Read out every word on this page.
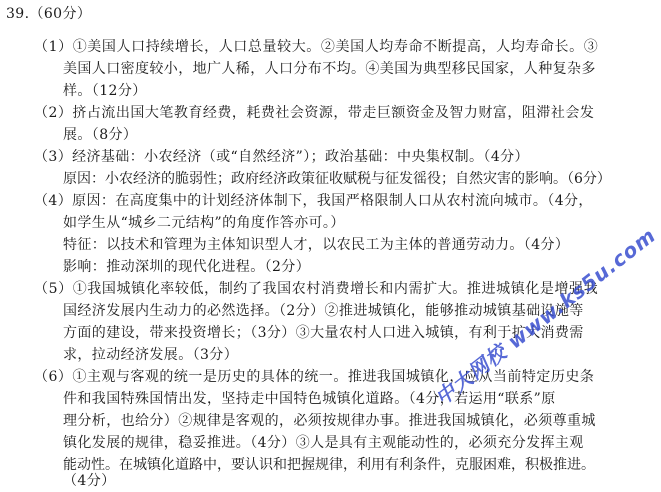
39.（60分）
（1）①美国人口持续增长，人口总量较大。②美国人均寿命不断提高，人均寿命长。③
美国人口密度较小，地广人稀，人口分布不均。④美国为典型移民国家，人种复杂多
样。（12分）
（2）挤占流出国大笔教育经费，耗费社会资源，带走巨额资金及智力财富，阻滞社会发
展。（8分）
（3）经济基础：小农经济（或“自然经济”）；政治基础：中央集权制。（4分）
原因：小农经济的脆弱性；政府经济政策征收赋税与征发徭役；自然灾害的影响。（6分）
（4）原因：在高度集中的计划经济体制下，我国严格限制人口从农村流向城市。（4分，
如学生从“城乡二元结构”的角度作答亦可。）
特征：以技术和管理为主体知识型人才，以农民工为主体的普通劳动力。（4分）
影响：推动深圳的现代化进程。（2分）
（5）①我国城镇化率较低，制约了我国农村消费增长和内需扩大。推进城镇化是增强我
国经济发展内生动力的必然选择。（2分）②推进城镇化，能够推动城镇基础设施等
方面的建设，带来投资增长；（3分）③大量农村人口进入城镇，有利于扩大消费需
求，拉动经济发展。（3分）
（6）①主观与客观的统一是历史的具体的统一。推进我国城镇化，应从当前特定历史条
件和我国特殊国情出发，坚持走中国特色城镇化道路。（4分，若运用“联系”原
理分析，也给分）②规律是客观的，必须按规律办事。推进我国城镇化，必须尊重城
镇化发展的规律，稳妥推进。（4分）③人是具有主观能动性的，必须充分发挥主观
能动性。在城镇化道路中，要认识和把握规律，利用有利条件，克服困难，积极推进。
（4分）
中大网校 www.ks5u.com
